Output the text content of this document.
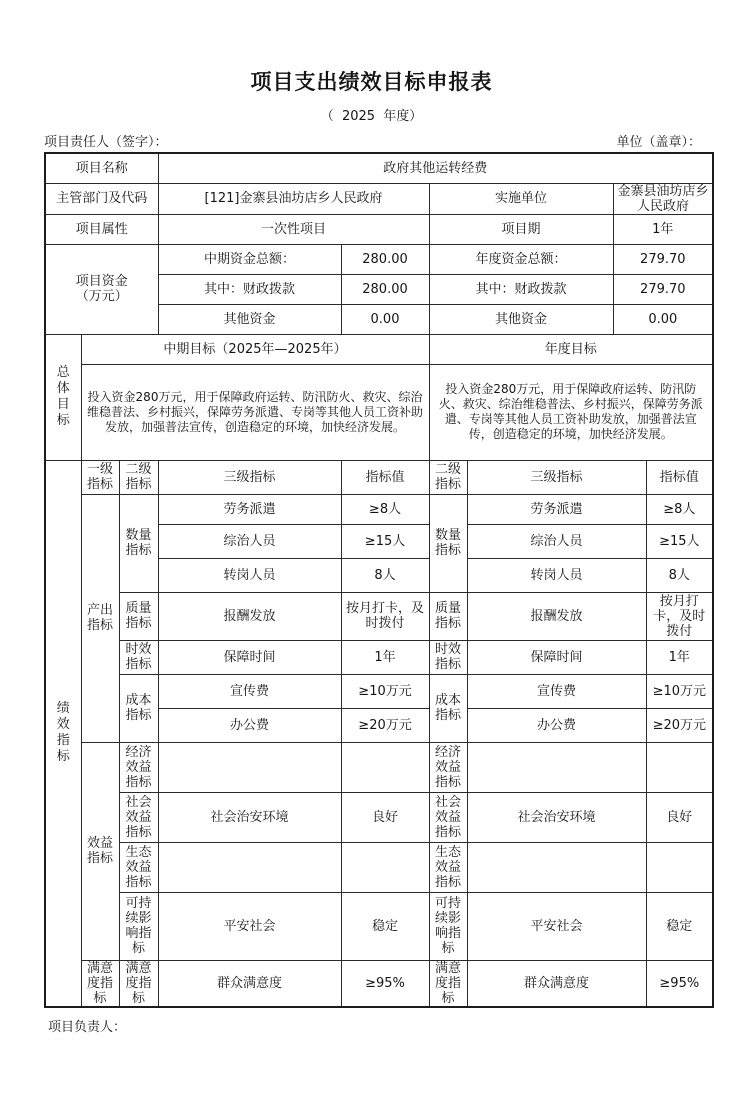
项目支出绩效目标申报表
（  2025  年度）
项目责任人（签字）：	单位（盖章）：
项目名称			政府其他运转经费					
主管部门及代码			[121]金寨县油坊店乡人民政府		实施单位		金寨县油坊店乡人民政府	
项目属性			一次性项目		项目期		1年	
项目资金（万元）			中期资金总额：	280.00	年度资金总额：		279.70	
			其中：财政拨款	280.00	其中：财政拨款		279.70	
			其他资金	0.00	其他资金		0.00	
总体目标	中期目标（2025年—2025年）				年度目标			
	投入资金280万元，用于保障政府运转、防汛防火、救灾、综治维稳普法、乡村振兴，保障劳务派遣、专岗等其他人员工资补助发放，加强普法宣传，创造稳定的环境，加快经济发展。				投入资金280万元，用于保障政府运转、防汛防火、救灾、综治维稳普法、乡村振兴，保障劳务派遣、专岗等其他人员工资补助发放，加强普法宣传，创造稳定的环境，加快经济发展。			
绩效指标	一级指标	二级指标	三级指标	指标值	二级指标	三级指标		指标值
	产出指标	数量指标	劳务派遣	≥8人	数量指标	劳务派遣		≥8人
			综治人员	≥15人		综治人员		≥15人
			转岗人员	8人		转岗人员		8人
		质量指标	报酬发放	按月打卡，及时拨付	质量指标	报酬发放		按月打卡，及时拨付
		时效指标	保障时间	1年	时效指标	保障时间		1年
		成本指标	宣传费	≥10万元	成本指标	宣传费		≥10万元
			办公费	≥20万元		办公费		≥20万元
	效益指标	经济效益指标			经济效益指标			
		社会效益指标	社会治安环境	良好	社会效益指标	社会治安环境		良好
		生态效益指标			生态效益指标			
		可持续影响指标	平安社会	稳定	可持续影响指标	平安社会		稳定
	满意度指标	满意度指标	群众满意度	≥95%	满意度指标	群众满意度		≥95%
项目负责人：
